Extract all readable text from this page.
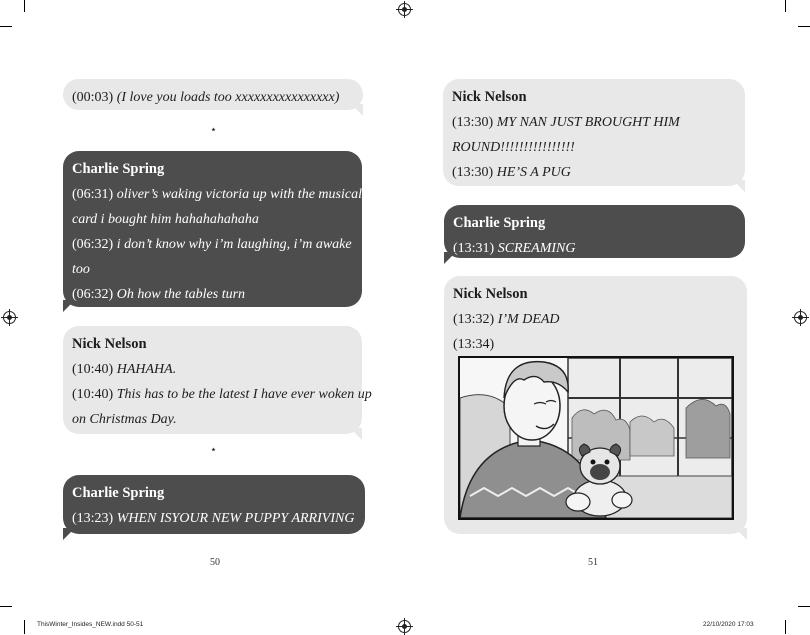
(00:03) (I love you loads too xxxxxxxxxxxxxxxx)
⋆
Charlie Spring
(06:31) oliver’s waking victoria up with the musical xmas
card i bought him hahahahahaha
(06:32) i don’t know why i’m laughing, i’m awake
too
(06:32) Oh how the tables turn
Nick Nelson
(10:40) HAHAHA.
(10:40) This has to be the latest I have ever woken up
on Christmas Day.
⋆
Charlie Spring
(13:23) WHEN ISYOUR NEW PUPPY ARRIVING
50
Nick Nelson
(13:30) MY NAN JUST BROUGHT HIM
ROUND!!!!!!!!!!!!!!!!
(13:30) HE’S A PUG
Charlie Spring
(13:31) SCREAMING
Nick Nelson
(13:32) I’M DEAD
(13:34)
51
ThisWinter_Insides_NEW.indd 50-51	22/10/2020 17:03
